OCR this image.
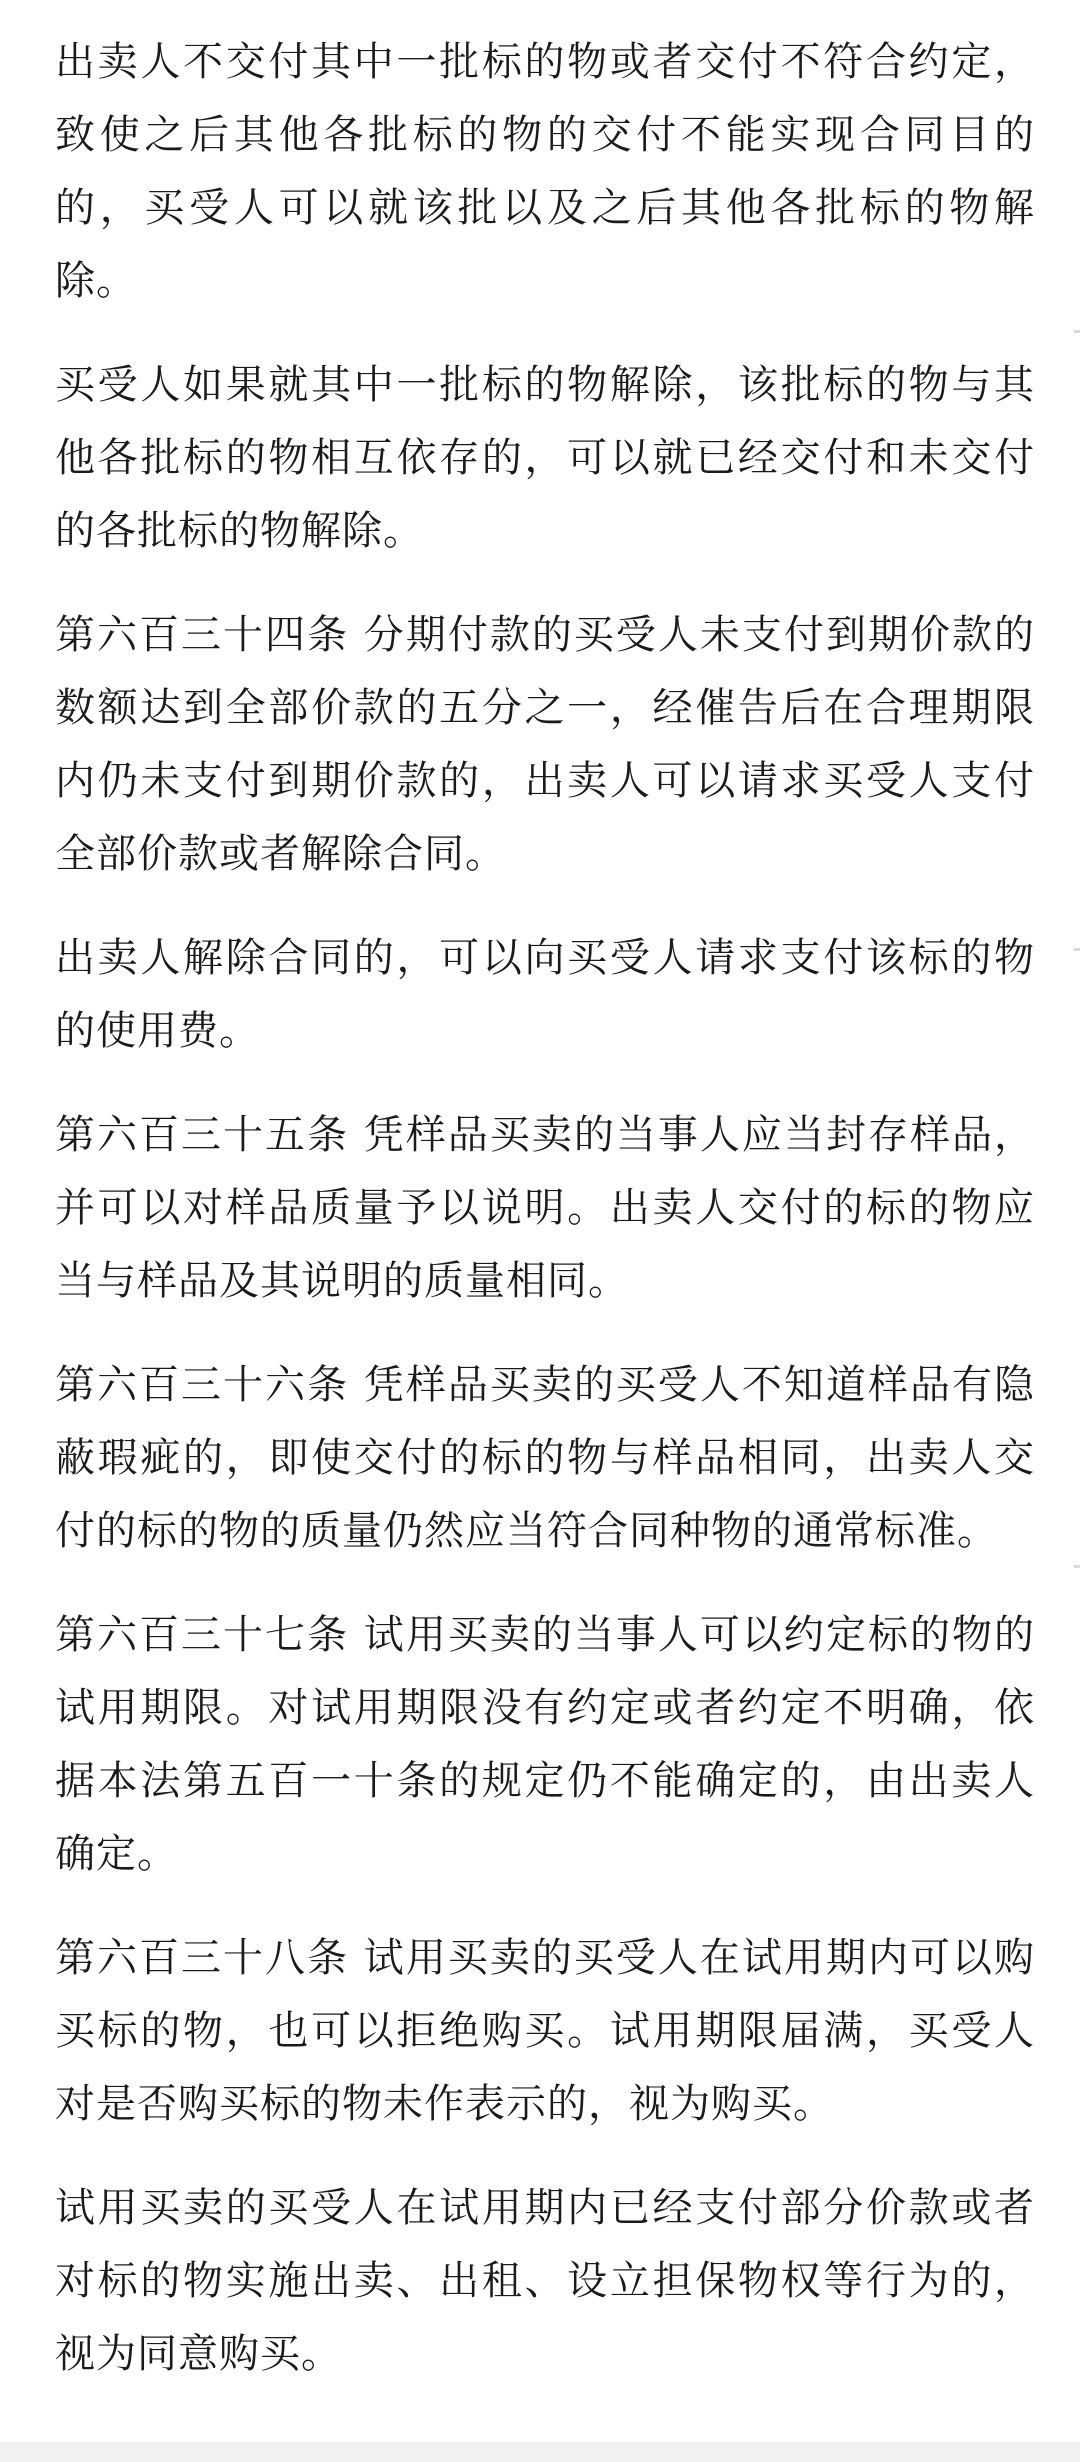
出卖人不交付其中一批标的物或者交付不符合约定，致使之后其他各批标的物的交付不能实现合同目的的，买受人可以就该批以及之后其他各批标的物解除。

买受人如果就其中一批标的物解除，该批标的物与其他各批标的物相互依存的，可以就已经交付和未交付的各批标的物解除。

第六百三十四条 分期付款的买受人未支付到期价款的数额达到全部价款的五分之一，经催告后在合理期限内仍未支付到期价款的，出卖人可以请求买受人支付全部价款或者解除合同。

出卖人解除合同的，可以向买受人请求支付该标的物的使用费。

第六百三十五条 凭样品买卖的当事人应当封存样品，并可以对样品质量予以说明。出卖人交付的标的物应当与样品及其说明的质量相同。

第六百三十六条 凭样品买卖的买受人不知道样品有隐蔽瑕疵的，即使交付的标的物与样品相同，出卖人交付的标的物的质量仍然应当符合同种物的通常标准。

第六百三十七条 试用买卖的当事人可以约定标的物的试用期限。对试用期限没有约定或者约定不明确，依据本法第五百一十条的规定仍不能确定的，由出卖人确定。

第六百三十八条 试用买卖的买受人在试用期内可以购买标的物，也可以拒绝购买。试用期限届满，买受人对是否购买标的物未作表示的，视为购买。

试用买卖的买受人在试用期内已经支付部分价款或者对标的物实施出卖、出租、设立担保物权等行为的，视为同意购买。
